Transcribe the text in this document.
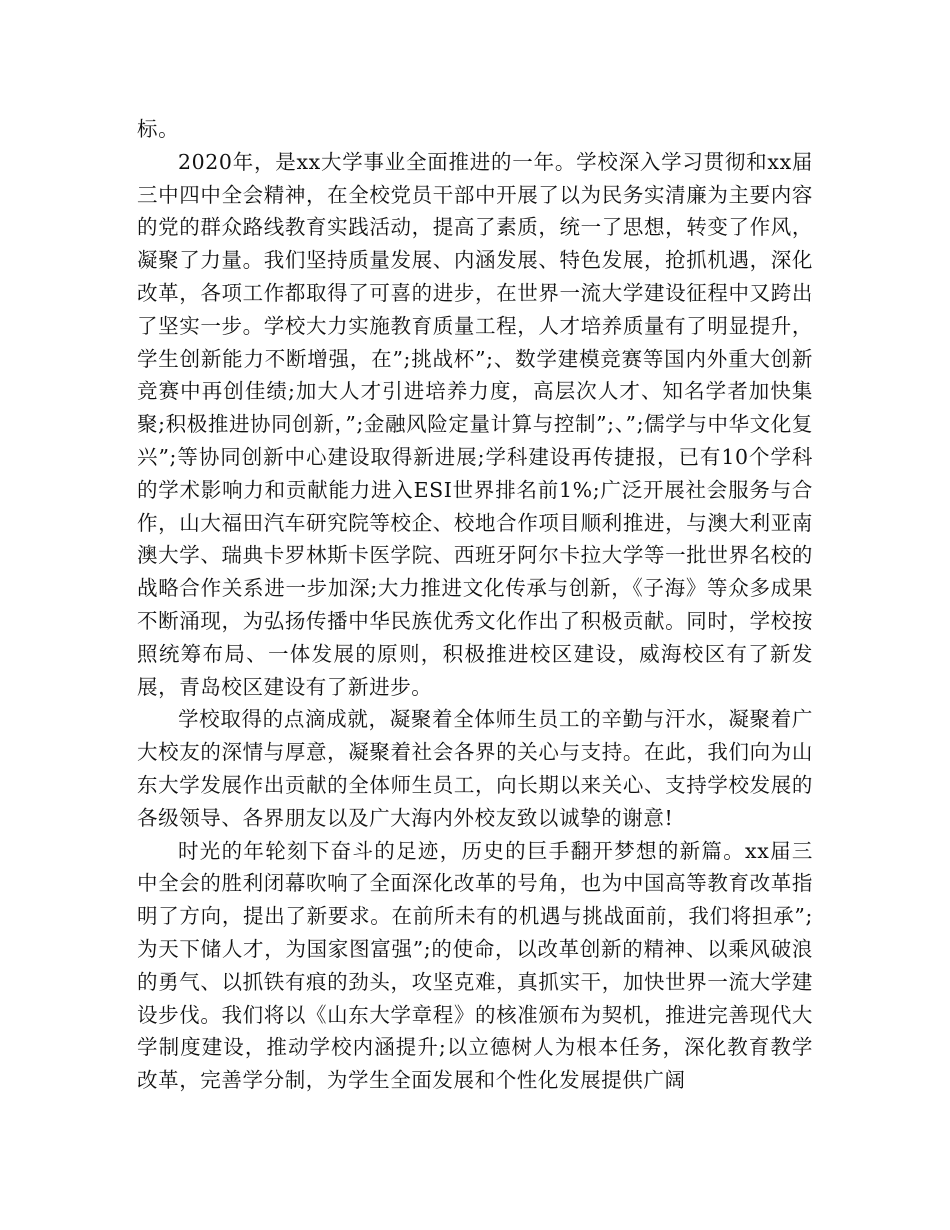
标。

2020年，是xx大学事业全面推进的一年。学校深入学习贯彻和xx届三中四中全会精神，在全校党员干部中开展了以为民务实清廉为主要内容的党的群众路线教育实践活动，提高了素质，统一了思想，转变了作风，凝聚了力量。我们坚持质量发展、内涵发展、特色发展，抢抓机遇，深化改革，各项工作都取得了可喜的进步，在世界一流大学建设征程中又跨出了坚实一步。学校大力实施教育质量工程，人才培养质量有了明显提升，学生创新能力不断增强，在”;挑战杯”;、数学建模竞赛等国内外重大创新竞赛中再创佳绩;加大人才引进培养力度，高层次人才、知名学者加快集聚;积极推进协同创新，”;金融风险定量计算与控制”;、”;儒学与中华文化复兴”;等协同创新中心建设取得新进展;学科建设再传捷报，已有10个学科的学术影响力和贡献能力进入ESI世界排名前1%;广泛开展社会服务与合作，山大福田汽车研究院等校企、校地合作项目顺利推进，与澳大利亚南澳大学、瑞典卡罗林斯卡医学院、西班牙阿尔卡拉大学等一批世界名校的战略合作关系进一步加深;大力推进文化传承与创新，《子海》等众多成果不断涌现，为弘扬传播中华民族优秀文化作出了积极贡献。同时，学校按照统筹布局、一体发展的原则，积极推进校区建设，威海校区有了新发展，青岛校区建设有了新进步。

学校取得的点滴成就，凝聚着全体师生员工的辛勤与汗水，凝聚着广大校友的深情与厚意，凝聚着社会各界的关心与支持。在此，我们向为山东大学发展作出贡献的全体师生员工，向长期以来关心、支持学校发展的各级领导、各界朋友以及广大海内外校友致以诚挚的谢意!

时光的年轮刻下奋斗的足迹，历史的巨手翻开梦想的新篇。xx届三中全会的胜利闭幕吹响了全面深化改革的号角，也为中国高等教育改革指明了方向，提出了新要求。在前所未有的机遇与挑战面前，我们将担承”;为天下储人才，为国家图富强”;的使命，以改革创新的精神、以乘风破浪的勇气、以抓铁有痕的劲头，攻坚克难，真抓实干，加快世界一流大学建设步伐。我们将以《山东大学章程》的核准颁布为契机，推进完善现代大学制度建设，推动学校内涵提升;以立德树人为根本任务，深化教育教学改革，完善学分制，为学生全面发展和个性化发展提供广阔
